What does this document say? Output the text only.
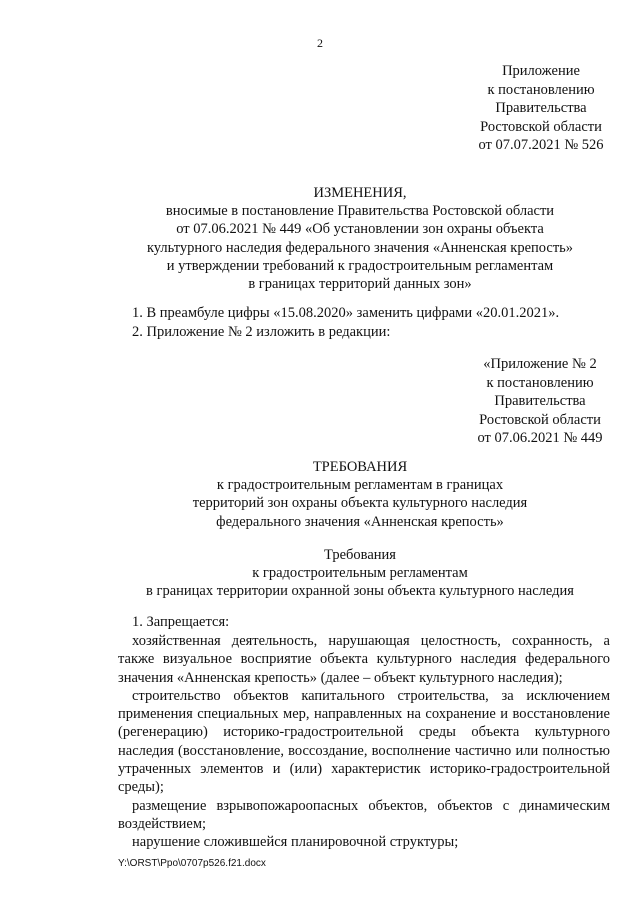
2
Приложение
к постановлению
Правительства
Ростовской области
от 07.07.2021 № 526
ИЗМЕНЕНИЯ,
вносимые в постановление Правительства Ростовской области
от 07.06.2021 № 449 «Об установлении зон охраны объекта
культурного наследия федерального значения «Анненская крепость»
и утверждении требований к градостроительным регламентам
в границах территорий данных зон»
1. В преамбуле цифры «15.08.2020» заменить цифрами «20.01.2021».
2. Приложение № 2 изложить в редакции:
«Приложение № 2
к постановлению
Правительства
Ростовской области
от 07.06.2021 № 449
ТРЕБОВАНИЯ
к градостроительным регламентам в границах
территорий зон охраны объекта культурного наследия
федерального значения «Анненская крепость»
Требования
к градостроительным регламентам
в границах территории охранной зоны объекта культурного наследия
1. Запрещается:

хозяйственная деятельность, нарушающая целостность, сохранность, а также визуальное восприятие объекта культурного наследия федерального значения «Анненская крепость» (далее – объект культурного наследия);

строительство объектов капитального строительства, за исключением применения специальных мер, направленных на сохранение и восстановление (регенерацию) историко-градостроительной среды объекта культурного наследия (восстановление, воссоздание, восполнение частично или полностью утраченных элементов и (или) характеристик историко-градостроительной среды);

размещение взрывопожароопасных объектов, объектов с динамическим воздействием;

нарушение сложившейся планировочной структуры;

Y:\ORST\Ppo\0707p526.f21.docx
